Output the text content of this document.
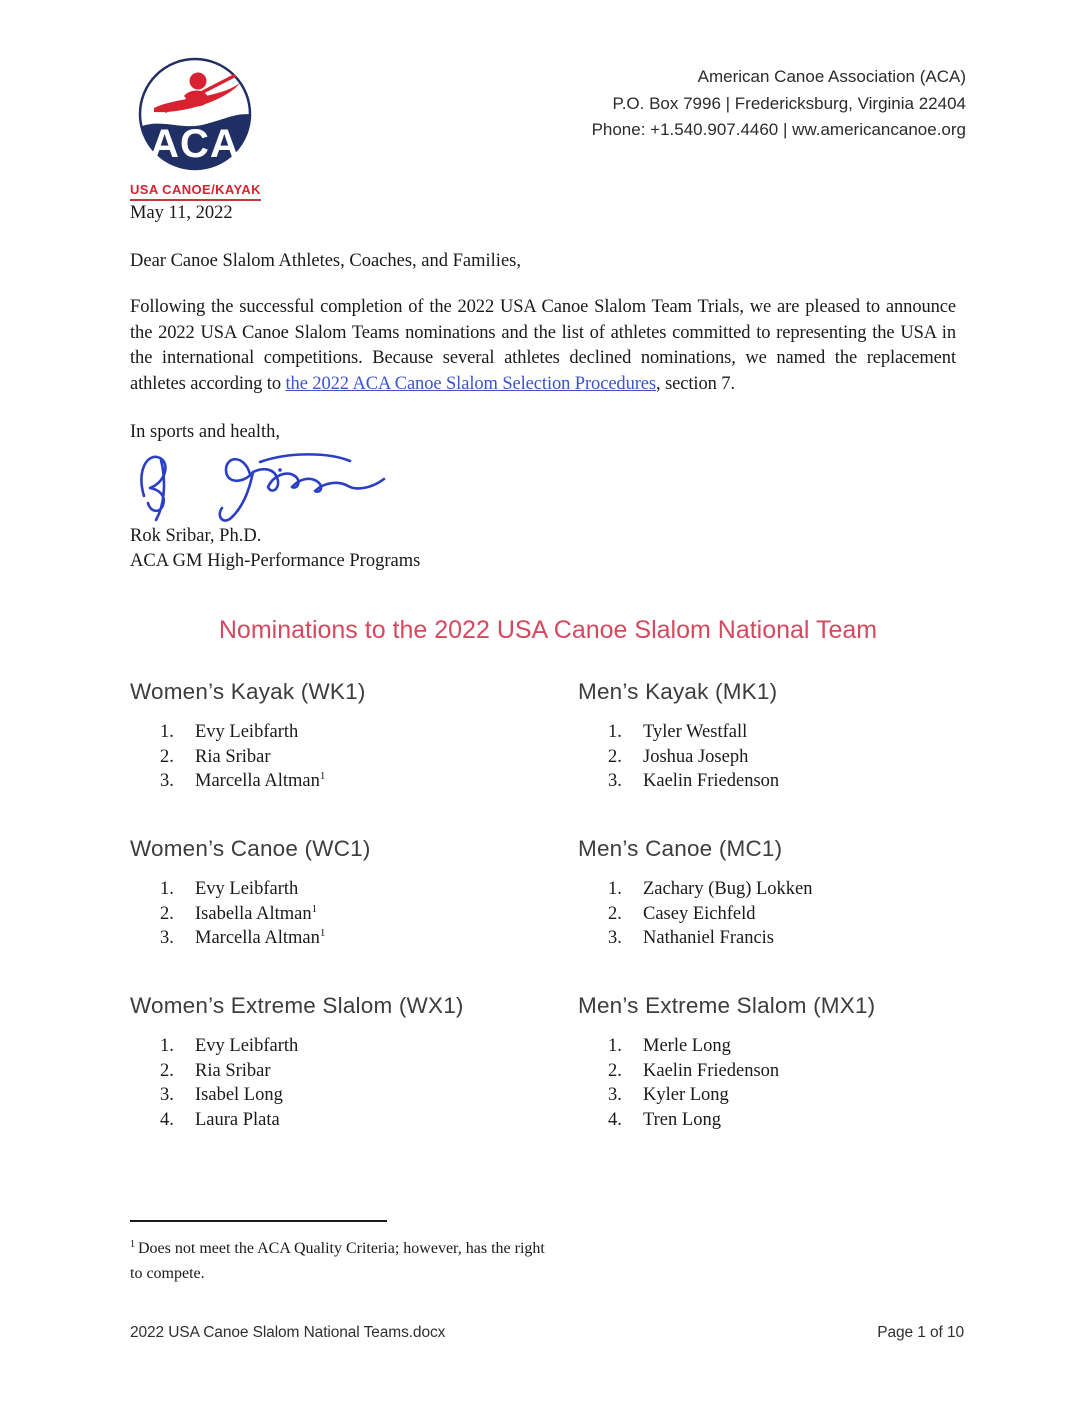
ACA
USA CANOE/KAYAK
American Canoe Association (ACA)
P.O. Box 7996 | Fredericksburg, Virginia 22404
Phone: +1.540.907.4460 | ww.americancanoe.org
May 11, 2022
Dear Canoe Slalom Athletes, Coaches, and Families,
Following the successful completion of the 2022 USA Canoe Slalom Team Trials, we are pleased to announce the 2022 USA Canoe Slalom Teams nominations and the list of athletes committed to representing the USA in the international competitions. Because several athletes declined nominations, we named the replacement athletes according to the 2022 ACA Canoe Slalom Selection Procedures, section 7.
In sports and health,
Rok Sribar, Ph.D.
ACA GM High-Performance Programs
Nominations to the 2022 USA Canoe Slalom National Team
Women’s Kayak (WK1)
1. Evy Leibfarth
2. Ria Sribar
3. Marcella Altman$^1$
Men’s Kayak (MK1)
1. Tyler Westfall
2. Joshua Joseph
3. Kaelin Friedenson
Women’s Canoe (WC1)
1. Evy Leibfarth
2. Isabella Altman$^1$
3. Marcella Altman$^1$
Men’s Canoe (MC1)
1. Zachary (Bug) Lokken
2. Casey Eichfeld
3. Nathaniel Francis
Women’s Extreme Slalom (WX1)
1. Evy Leibfarth
2. Ria Sribar
3. Isabel Long
4. Laura Plata
Men’s Extreme Slalom (MX1)
1. Merle Long
2. Kaelin Friedenson
3. Kyler Long
4. Tren Long
$^1$ Does not meet the ACA Quality Criteria; however, has the right to compete.
2022 USA Canoe Slalom National Teams.docx	Page 1 of 10
